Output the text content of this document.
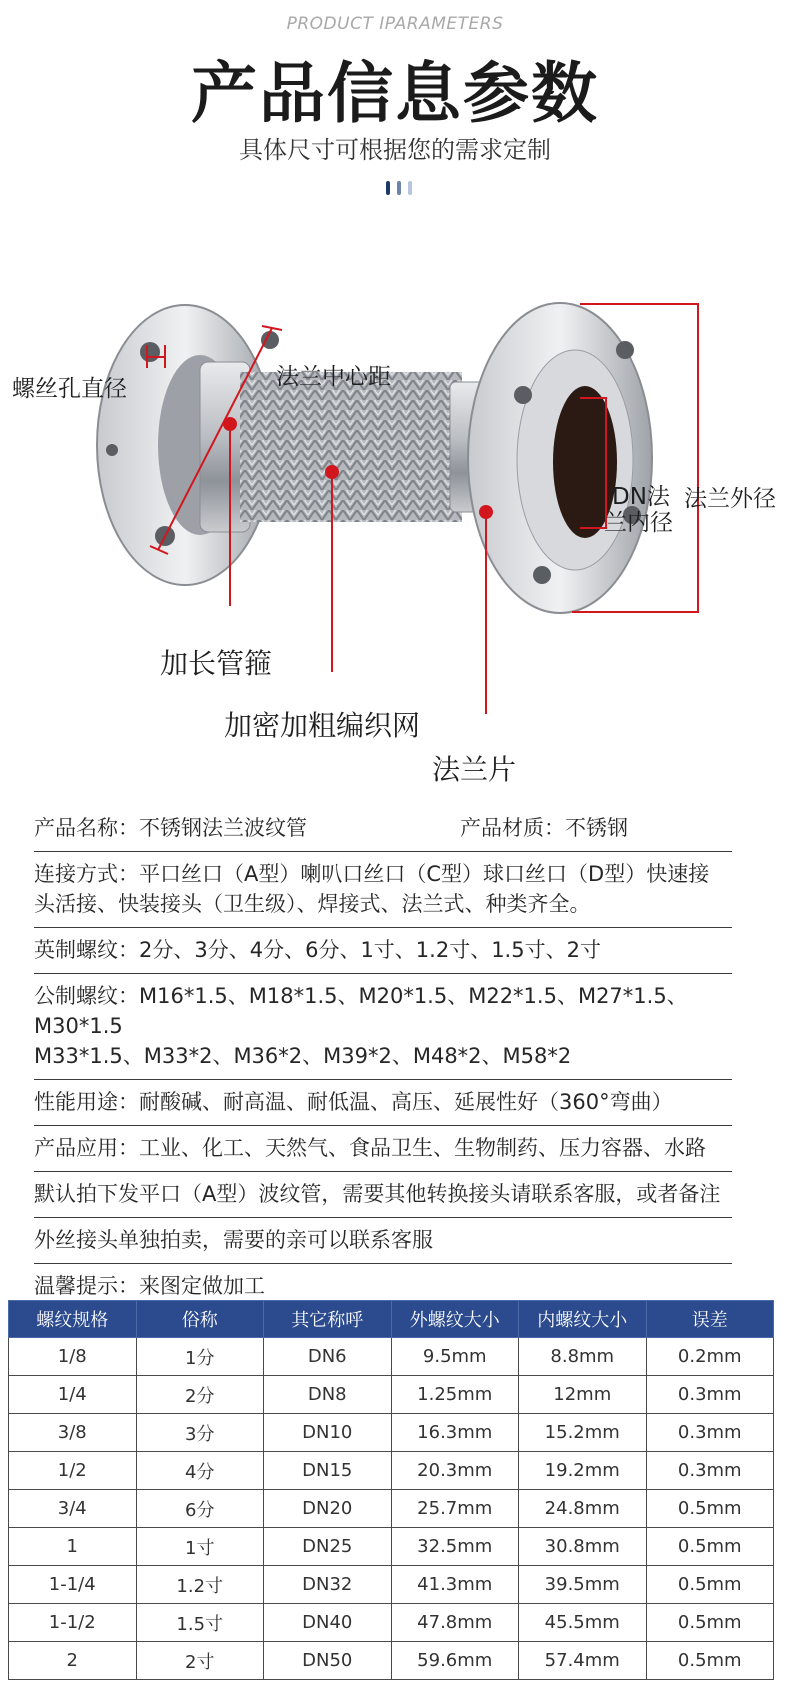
PRODUCT IPARAMETERS
产品信息参数
具体尺寸可根据您的需求定制
螺丝孔直径	法兰中心距
DN法
兰内径
法兰外径
加长管箍
加密加粗编织网
法兰片
产品名称：不锈钢法兰波纹管	产品材质：不锈钢
连接方式：平口丝口（A型）喇叭口丝口（C型）球口丝口（D型）快速接
头活接、快装接头（卫生级）、焊接式、法兰式、种类齐全。
英制螺纹：2分、3分、4分、6分、1寸、1.2寸、1.5寸、2寸
公制螺纹：M16*1.5、M18*1.5、M20*1.5、M22*1.5、M27*1.5、M30*1.5
M33*1.5、M33*2、M36*2、M39*2、M48*2、M58*2
性能用途：耐酸碱、耐高温、耐低温、高压、延展性好（360°弯曲）
产品应用：工业、化工、天然气、食品卫生、生物制药、压力容器、水路
默认拍下发平口（A型）波纹管，需要其他转换接头请联系客服，或者备注
外丝接头单独拍卖，需要的亲可以联系客服
温馨提示：来图定做加工
螺纹规格	俗称	其它称呼	外螺纹大小	内螺纹大小	误差
1/8	1分	DN6	9.5mm	8.8mm	0.2mm
1/4	2分	DN8	1.25mm	12mm	0.3mm
3/8	3分	DN10	16.3mm	15.2mm	0.3mm
1/2	4分	DN15	20.3mm	19.2mm	0.3mm
3/4	6分	DN20	25.7mm	24.8mm	0.5mm
1	1寸	DN25	32.5mm	30.8mm	0.5mm
1-1/4	1.2寸	DN32	41.3mm	39.5mm	0.5mm
1-1/2	1.5寸	DN40	47.8mm	45.5mm	0.5mm
2	2寸	DN50	59.6mm	57.4mm	0.5mm
